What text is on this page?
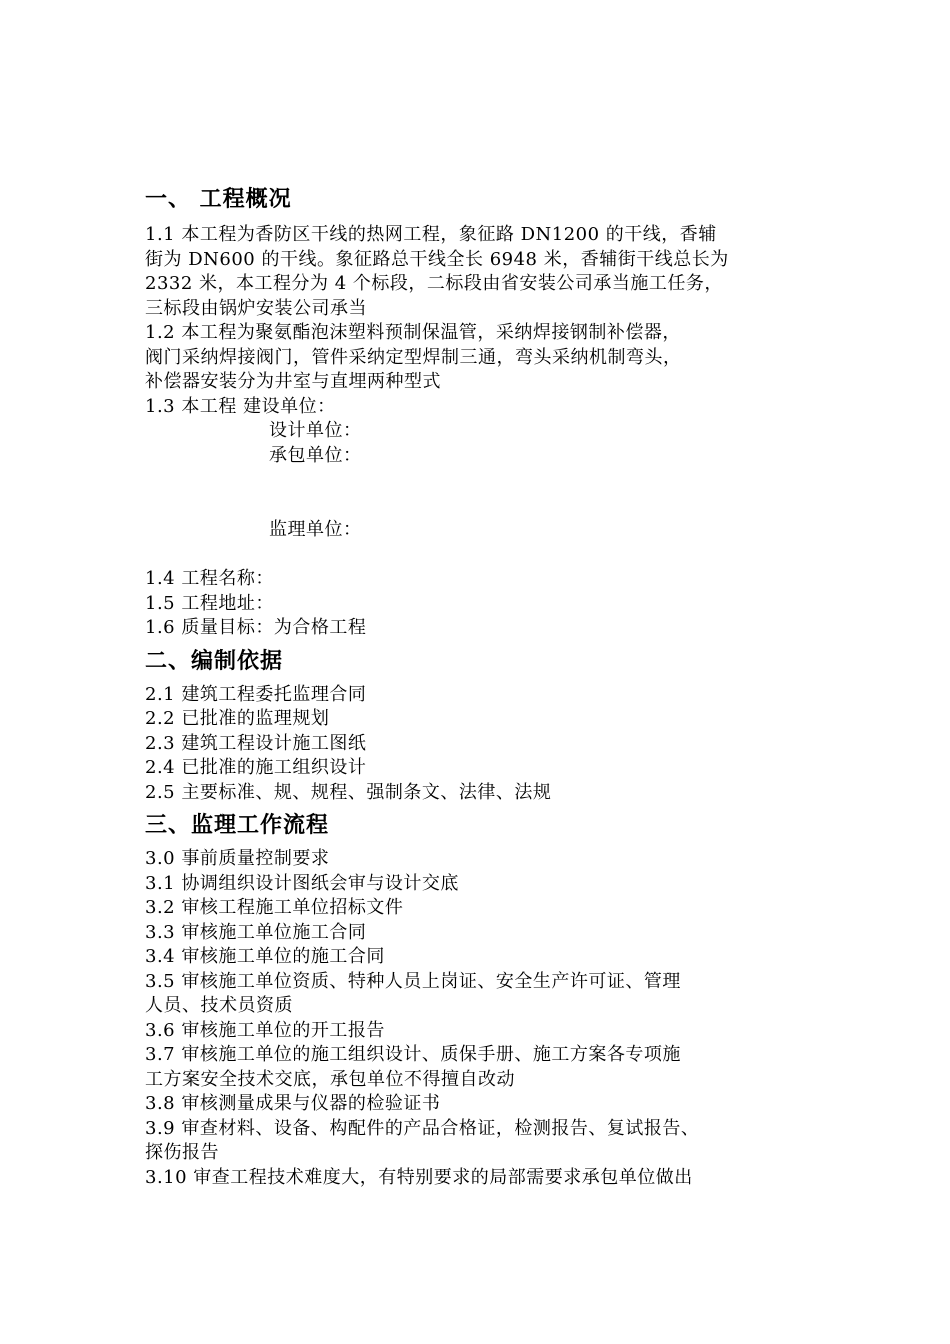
一、 工程概况
1.1 本工程为香防区干线的热网工程，象征路 DN1200 的干线，香辅
街为 DN600 的干线。象征路总干线全长 6948 米，香辅街干线总长为
2332 米，本工程分为 4 个标段，二标段由省安装公司承当施工任务，
三标段由锅炉安装公司承当
1.2 本工程为聚氨酯泡沫塑料预制保温管，采纳焊接钢制补偿器，
阀门采纳焊接阀门，管件采纳定型焊制三通，弯头采纳机制弯头，
补偿器安装分为井室与直埋两种型式
1.3 本工程 建设单位：
设计单位：
承包单位：
监理单位：
1.4 工程名称：
1.5 工程地址：
1.6 质量目标：为合格工程
二、编制依据
2.1 建筑工程委托监理合同
2.2 已批准的监理规划
2.3 建筑工程设计施工图纸
2.4 已批准的施工组织设计
2.5 主要标准、规、规程、强制条文、法律、法规
三、监理工作流程
3.0 事前质量控制要求
3.1 协调组织设计图纸会审与设计交底
3.2 审核工程施工单位招标文件
3.3 审核施工单位施工合同
3.4 审核施工单位的施工合同
3.5 审核施工单位资质、特种人员上岗证、安全生产许可证、管理
人员、技术员资质
3.6 审核施工单位的开工报告
3.7 审核施工单位的施工组织设计、质保手册、施工方案各专项施
工方案安全技术交底，承包单位不得擅自改动
3.8 审核测量成果与仪器的检验证书
3.9 审查材料、设备、构配件的产品合格证，检测报告、复试报告、
探伤报告
3.10 审查工程技术难度大，有特别要求的局部需要求承包单位做出
